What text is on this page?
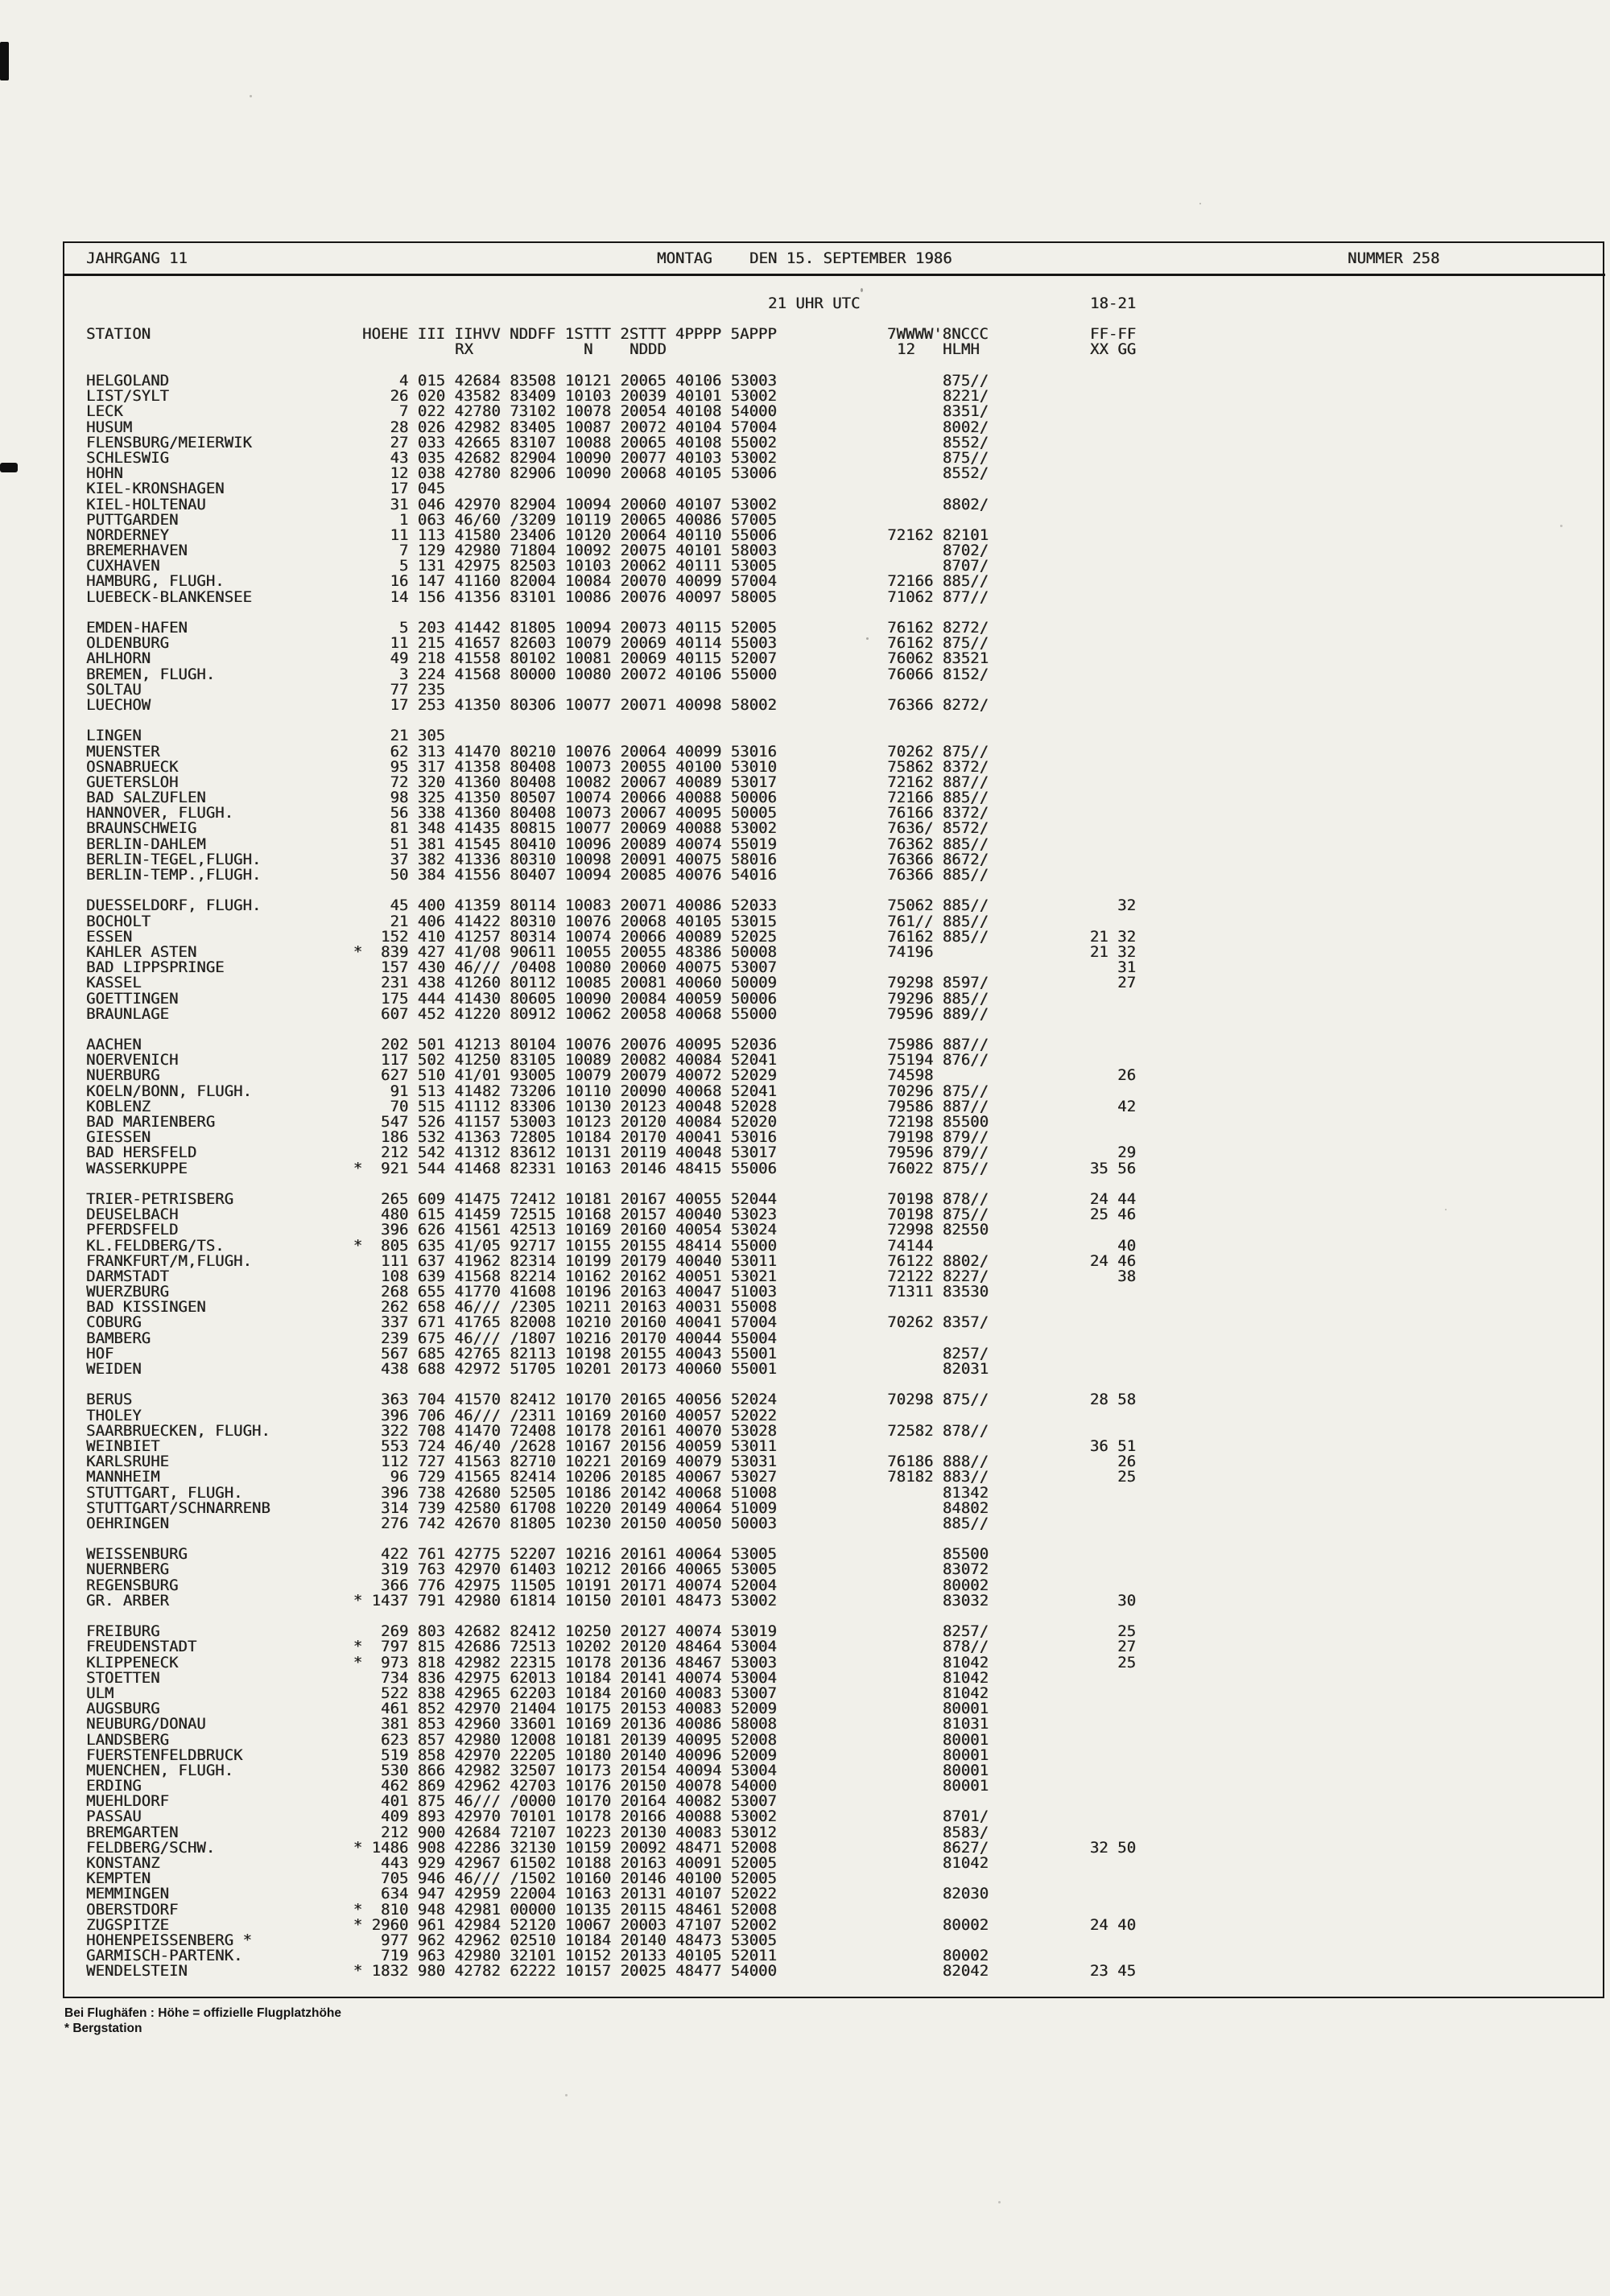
JAHRGANG 11	MONTAG DEN 15. SEPTEMBER 1986	NUMMER 258
21 UHR UTC	18-21
STATION	HOEHE III IIHVV NDDFF 1STTT 2STTT 4PPPP 5APPP	7WWWW'8NCCC	FF-FF
RX	N NDDD	12 HLMH	XX GG
HELGOLAND                         4 015 42684 83508 10121 20065 40106 53003                  875//
LIST/SYLT                        26 020 43582 83409 10103 20039 40101 53002                  8221/
LECK                              7 022 42780 73102 10078 20054 40108 54000                  8351/
HUSUM                            28 026 42982 83405 10087 20072 40104 57004                  8002/
FLENSBURG/MEIERWIK               27 033 42665 83107 10088 20065 40108 55002                  8552/
SCHLESWIG                        43 035 42682 82904 10090 20077 40103 53002                  875//
HOHN                             12 038 42780 82906 10090 20068 40105 53006                  8552/
KIEL-KRONSHAGEN                  17 045
KIEL-HOLTENAU                    31 046 42970 82904 10094 20060 40107 53002                  8802/
PUTTGARDEN                        1 063 46/60 /3209 10119 20065 40086 57005
NORDERNEY                        11 113 41580 23406 10120 20064 40110 55006            72162 82101
BREMERHAVEN                       7 129 42980 71804 10092 20075 40101 58003                  8702/
CUXHAVEN                          5 131 42975 82503 10103 20062 40111 53005                  8707/
HAMBURG, FLUGH.                  16 147 41160 82004 10084 20070 40099 57004            72166 885//
LUEBECK-BLANKENSEE               14 156 41356 83101 10086 20076 40097 58005            71062 877//
EMDEN-HAFEN                       5 203 41442 81805 10094 20073 40115 52005            76162 8272/
OLDENBURG                        11 215 41657 82603 10079 20069 40114 55003            76162 875//
AHLHORN                          49 218 41558 80102 10081 20069 40115 52007            76062 83521
BREMEN, FLUGH.                    3 224 41568 80000 10080 20072 40106 55000            76066 8152/
SOLTAU                           77 235
LUECHOW                          17 253 41350 80306 10077 20071 40098 58002            76366 8272/
LINGEN                           21 305
MUENSTER                         62 313 41470 80210 10076 20064 40099 53016            70262 875//
OSNABRUECK                       95 317 41358 80408 10073 20055 40100 53010            75862 8372/
GUETERSLOH                       72 320 41360 80408 10082 20067 40089 53017            72162 887//
BAD SALZUFLEN                    98 325 41350 80507 10074 20066 40088 50006            72166 885//
HANNOVER, FLUGH.                 56 338 41360 80408 10073 20067 40095 50005            76166 8372/
BRAUNSCHWEIG                     81 348 41435 80815 10077 20069 40088 53002            7636/ 8572/
BERLIN-DAHLEM                    51 381 41545 80410 10096 20089 40074 55019            76362 885//
BERLIN-TEGEL,FLUGH.              37 382 41336 80310 10098 20091 40075 58016            76366 8672/
BERLIN-TEMP.,FLUGH.              50 384 41556 80407 10094 20085 40076 54016            76366 885//
DUESSELDORF, FLUGH.              45 400 41359 80114 10083 20071 40086 52033            75062 885//              32
BOCHOLT                          21 406 41422 80310 10076 20068 40105 53015            761// 885//
ESSEN                           152 410 41257 80314 10074 20066 40089 52025            76162 885//           21 32
KAHLER ASTEN                 *  839 427 41/08 90611 10055 20055 48386 50008            74196                 21 32
BAD LIPPSPRINGE                 157 430 46/// /0408 10080 20060 40075 53007                                     31
KASSEL                          231 438 41260 80112 10085 20081 40060 50009            79298 8597/              27
GOETTINGEN                      175 444 41430 80605 10090 20084 40059 50006            79296 885//
BRAUNLAGE                       607 452 41220 80912 10062 20058 40068 55000            79596 889//
AACHEN                          202 501 41213 80104 10076 20076 40095 52036            75986 887//
NOERVENICH                      117 502 41250 83105 10089 20082 40084 52041            75194 876//
NUERBURG                        627 510 41/01 93005 10079 20079 40072 52029            74598                    26
KOELN/BONN, FLUGH.               91 513 41482 73206 10110 20090 40068 52041            70296 875//
KOBLENZ                          70 515 41112 83306 10130 20123 40048 52028            79586 887//              42
BAD MARIENBERG                  547 526 41157 53003 10123 20120 40084 52020            72198 85500
GIESSEN                         186 532 41363 72805 10184 20170 40041 53016            79198 879//
BAD HERSFELD                    212 542 41312 83612 10131 20119 40048 53017            79596 879//              29
WASSERKUPPE                  *  921 544 41468 82331 10163 20146 48415 55006            76022 875//           35 56
TRIER-PETRISBERG                265 609 41475 72412 10181 20167 40055 52044            70198 878//           24 44
DEUSELBACH                      480 615 41459 72515 10168 20157 40040 53023            70198 875//           25 46
PFERDSFELD                      396 626 41561 42513 10169 20160 40054 53024            72998 82550
KL.FELDBERG/TS.              *  805 635 41/05 92717 10155 20155 48414 55000            74144                    40
FRANKFURT/M,FLUGH.              111 637 41962 82314 10199 20179 40040 53011            76122 8802/           24 46
DARMSTADT                       108 639 41568 82214 10162 20162 40051 53021            72122 8227/              38
WUERZBURG                       268 655 41770 41608 10196 20163 40047 51003            71311 83530
BAD KISSINGEN                   262 658 46/// /2305 10211 20163 40031 55008
COBURG                          337 671 41765 82008 10210 20160 40041 57004            70262 8357/
BAMBERG                         239 675 46/// /1807 10216 20170 40044 55004
HOF                             567 685 42765 82113 10198 20155 40043 55001                  8257/
WEIDEN                          438 688 42972 51705 10201 20173 40060 55001                  82031
BERUS                           363 704 41570 82412 10170 20165 40056 52024            70298 875//           28 58
THOLEY                          396 706 46/// /2311 10169 20160 40057 52022
SAARBRUECKEN, FLUGH.            322 708 41470 72408 10178 20161 40070 53028            72582 878//
WEINBIET                        553 724 46/40 /2628 10167 20156 40059 53011                                  36 51
KARLSRUHE                       112 727 41563 82710 10221 20169 40079 53031            76186 888//              26
MANNHEIM                         96 729 41565 82414 10206 20185 40067 53027            78182 883//              25
STUTTGART, FLUGH.               396 738 42680 52505 10186 20142 40068 51008                  81342
STUTTGART/SCHNARRENB            314 739 42580 61708 10220 20149 40064 51009                  84802
OEHRINGEN                       276 742 42670 81805 10230 20150 40050 50003                  885//
WEISSENBURG                     422 761 42775 52207 10216 20161 40064 53005                  85500
NUERNBERG                       319 763 42970 61403 10212 20166 40065 53005                  83072
REGENSBURG                      366 776 42975 11505 10191 20171 40074 52004                  80002
GR. ARBER                    * 1437 791 42980 61814 10150 20101 48473 53002                  83032              30
FREIBURG                        269 803 42682 82412 10250 20127 40074 53019                  8257/              25
FREUDENSTADT                 *  797 815 42686 72513 10202 20120 48464 53004                  878//              27
KLIPPENECK                   *  973 818 42982 22315 10178 20136 48467 53003                  81042              25
STOETTEN                        734 836 42975 62013 10184 20141 40074 53004                  81042
ULM                             522 838 42965 62203 10184 20160 40083 53007                  81042
AUGSBURG                        461 852 42970 21404 10175 20153 40083 52009                  80001
NEUBURG/DONAU                   381 853 42960 33601 10169 20136 40086 58008                  81031
LANDSBERG                       623 857 42980 12008 10181 20139 40095 52008                  80001
FUERSTENFELDBRUCK               519 858 42970 22205 10180 20140 40096 52009                  80001
MUENCHEN, FLUGH.                530 866 42982 32507 10173 20154 40094 53004                  80001
ERDING                          462 869 42962 42703 10176 20150 40078 54000                  80001
MUEHLDORF                       401 875 46/// /0000 10170 20164 40082 53007
PASSAU                          409 893 42970 70101 10178 20166 40088 53002                  8701/
BREMGARTEN                      212 900 42684 72107 10223 20130 40083 53012                  8583/
FELDBERG/SCHW.               * 1486 908 42286 32130 10159 20092 48471 52008                  8627/           32 50
KONSTANZ                        443 929 42967 61502 10188 20163 40091 52005                  81042
KEMPTEN                         705 946 46/// /1502 10160 20146 40100 52005
MEMMINGEN                       634 947 42959 22004 10163 20131 40107 52022                  82030
OBERSTDORF                   *  810 948 42981 00000 10135 20115 48461 52008
ZUGSPITZE                    * 2960 961 42984 52120 10067 20003 47107 52002                  80002           24 40
HOHENPEISSENBERG *              977 962 42962 02510 10184 20140 48473 53005
GARMISCH-PARTENK.               719 963 42980 32101 10152 20133 40105 52011                  80002
WENDELSTEIN                  * 1832 980 42782 62222 10157 20025 48477 54000                  82042           23 45
Bei Flughäfen : Höhe = offizielle Flugplatzhöhe
* Bergstation
